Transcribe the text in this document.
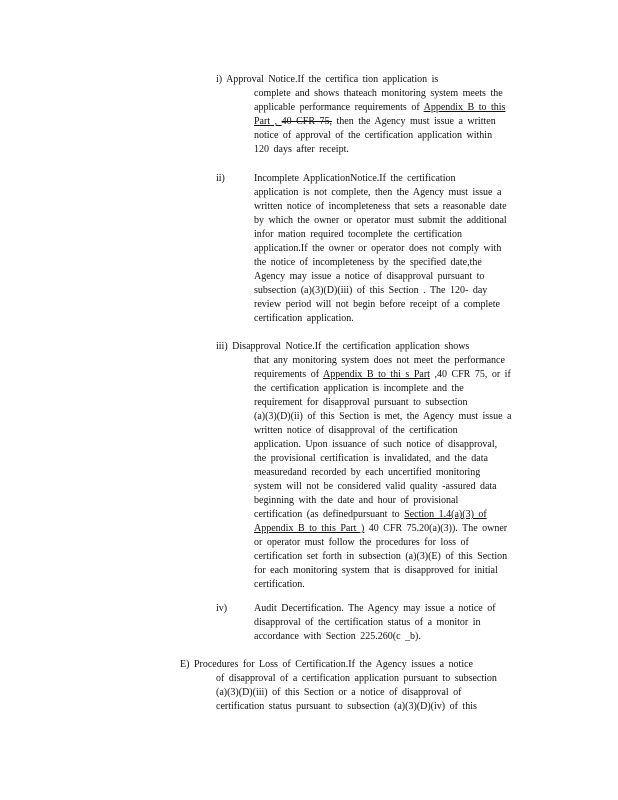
i) Approval Notice.If the certifica tion application is
complete and shows thateach monitoring system meets the
applicable performance requirements of Appendix B to this
Part , 40 CFR 75, then the Agency must issue a written
notice of approval of the certification application within
120 days after receipt.
ii)	Incomplete ApplicationNotice.If the certification
application is not complete, then the Agency must issue a
written notice of incompleteness that sets a reasonable date
by which the owner or operator must submit the additional
infor mation required tocomplete the certification
application.If the owner or operator does not comply with
the notice of incompleteness by the specified date,the
Agency may issue a notice of disapproval pursuant to
subsection (a)(3)(D)(iii) of this Section . The 120- day
review period will not begin before receipt of a complete
certification application.
iii) Disapproval Notice.If the certification application shows
that any monitoring system does not meet the performance
requirements of Appendix B to thi s Part ,40 CFR 75, or if
the certification application is incomplete and the
requirement for disapproval pursuant to subsection
(a)(3)(D)(ii) of this Section is met, the Agency must issue a
written notice of disapproval of the certification
application. Upon issuance of such notice of disapproval,
the provisional certification is invalidated, and the data
measuredand recorded by each uncertified monitoring
system will not be considered valid quality -assured data
beginning with the date and hour of provisional
certification (as definedpursuant to Section 1.4(a)(3) of
Appendix B to this Part ) 40 CFR 75.20(a)(3)). The owner
or operator must follow the procedures for loss of
certification set forth in subsection (a)(3)(E) of this Section
for each monitoring system that is disapproved for initial
certification.
iv)	Audit Decertification. The Agency may issue a notice of
disapproval of the certification status of a monitor in
accordance with Section 225.260(c _b).
E) Procedures for Loss of Certification.If the Agency issues a notice
of disapproval of a certification application pursuant to subsection
(a)(3)(D)(iii) of this Section or a notice of disapproval of
certification status pursuant to subsection (a)(3)(D)(iv) of this
